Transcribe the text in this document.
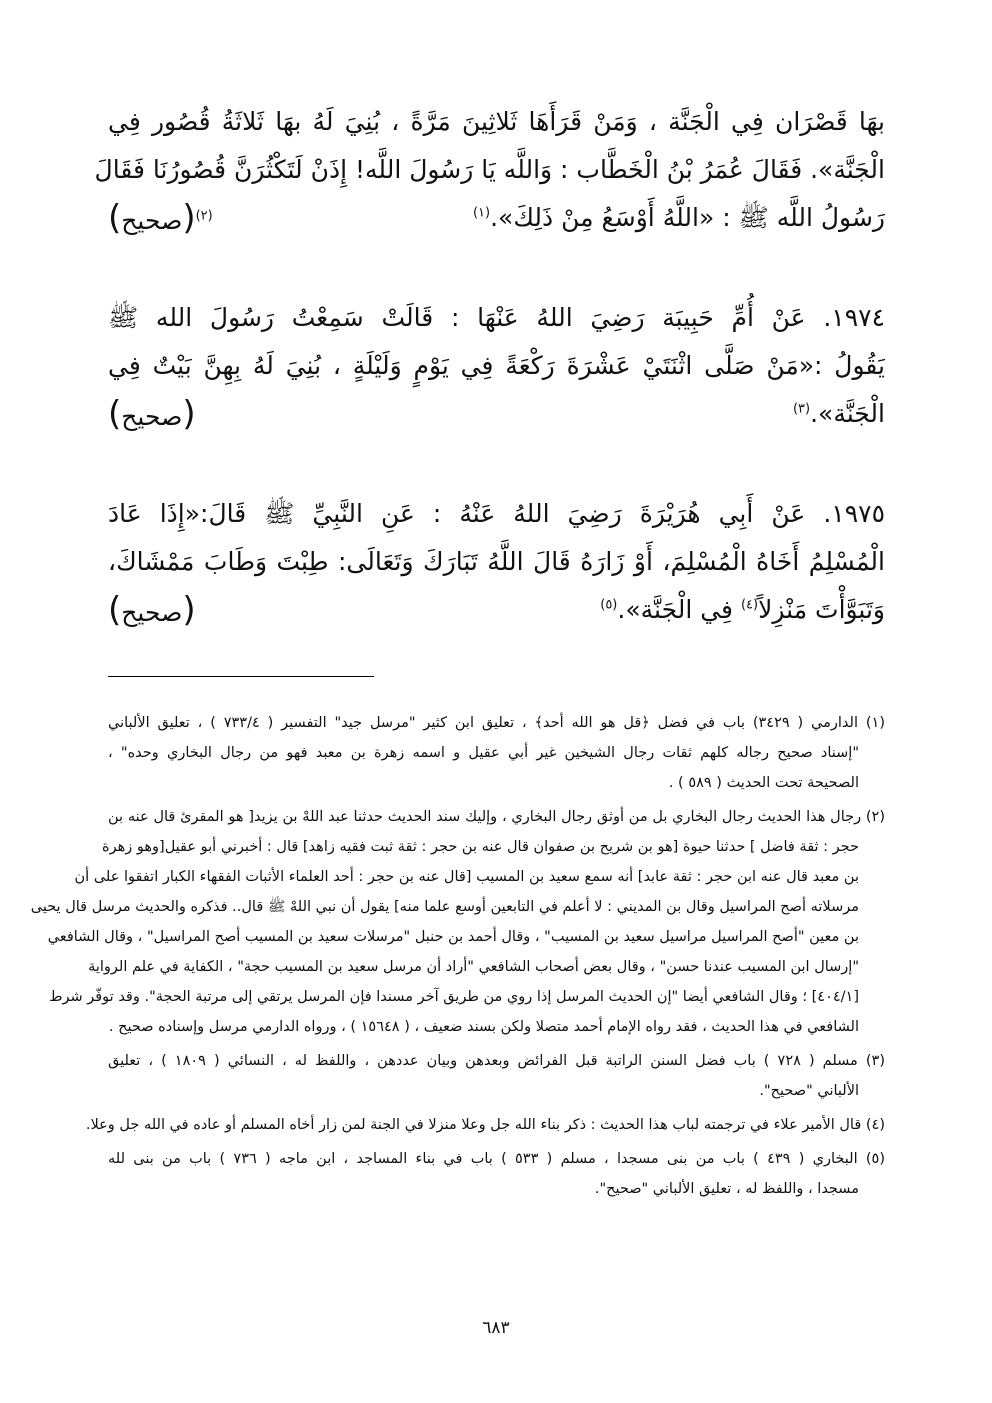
بهَا قَصْرَان فِي الْجَنَّة ، وَمَنْ قَرَأَهَا ثَلاثِينَ مَرَّةً ، بُنِيَ لَهُ بهَا ثَلاثَةُ قُصُور فِي
الْجَنَّة». فَقَالَ عُمَرُ بْنُ الْخَطَّاب : وَاللَّه يَا رَسُولَ اللَّه! إِذَنْ لَتَكْثُرَنَّ قُصُورُنَا فَقَالَ
رَسُولُ اللَّه ﷺ : «اللَّهُ أَوْسَعُ مِنْ ذَلِكَ».$^{(١)}$
$^{(٢)}$(صحيح)
١٩٧٤. عَنْ أُمِّ حَبِيبَة رَضِيَ اللهُ عَنْهَا : قَالَتْ سَمِعْتُ رَسُولَ الله ﷺ
يَقُولُ :«مَنْ صَلَّى اثْنَتَيْ عَشْرَةَ رَكْعَةً فِي يَوْمٍ وَلَيْلَةٍ ، بُنِيَ لَهُ بِهِنَّ بَيْتٌ فِي
الْجَنَّة».$^{(٣)}$
(صحيح)
١٩٧٥. عَنْ أَبِي هُرَيْرَةَ رَضِيَ اللهُ عَنْهُ : عَنِ النَّبِيِّ ﷺ قَالَ:«إِذَا عَادَ
الْمُسْلِمُ أَخَاهُ الْمُسْلِمَ، أَوْ زَارَهُ قَالَ اللَّهُ تَبَارَكَ وَتَعَالَى: طِبْتَ وَطَابَ مَمْشَاكَ،
وَتَبَوَّأْتَ مَنْزِلاً$^{(٤)}$ فِي الْجَنَّة».$^{(٥)}$
(صحيح)
(١) الدارمي ( ٣٤٢٩) باب في فضل ﴿قل هو الله أحد﴾ ، تعليق ابن كثير "مرسل جيد" التفسير ( ٧٣٣/٤ ) ، تعليق الألباني
"إسناد صحيح رجاله كلهم ثقات رجال الشيخين غير أبي عقيل و اسمه زهرة بن معبد فهو من رجال البخاري وحده" ،
الصحيحة تحت الحديث ( ٥٨٩ ) .
(٢) رجال هذا الحديث رجال البخاري بل من أوثق رجال البخاري ، وإليك سند الحديث حدثنا عبد اللهْ بن يزيد[ هو المقرئ قال عنه بن
حجر : ثقة فاضل ] حدثنا حيوة [هو بن شريح بن صفوان قال عنه بن حجر : ثقة ثبت فقيه زاهد] قال : أخبرني أبو عقيل[وهو زهرة
بن معبد قال عنه ابن حجر : ثقة عابد] أنه سمع سعيد بن المسيب [قال عنه بن حجر : أحد العلماء الأثبات الفقهاء الكبار اتفقوا على أن
مرسلاته أصح المراسيل وقال بن المديني : لا أعلم في التابعين أوسع علما منه] يقول أن نبي اللهْ ﷺ قال.. فذكره والحديث مرسل قال يحيى
بن معين "أصح المراسيل مراسيل سعيد بن المسيب" ، وقال أحمد بن حنبل "مرسلات سعيد بن المسيب أصح المراسيل" ، وقال الشافعي
"إرسال ابن المسيب عندنا حسن" ، وقال بعض أصحاب الشافعي "أراد أن مرسل سعيد بن المسيب حجة" ، الكفاية في علم الرواية
[٤٠٤/١] ؛ وقال الشافعي أيضا "إن الحديث المرسل إذا روي من طريق آخر مسندا فإن المرسل يرتقي إلى مرتبة الحجة". وقد توفّر شرط
الشافعي في هذا الحديث ، فقد رواه الإمام أحمد متصلا ولكن بسند ضعيف ، ( ١٥٦٤٨ ) ، ورواه الدارمي مرسل وإسناده صحيح .
(٣) مسلم ( ٧٢٨ ) باب فضل السنن الراتبة قبل الفرائض وبعدهن وبيان عددهن ، واللفظ له ، النسائي ( ١٨٠٩ ) ، تعليق
الألباني "صحيح".
(٤) قال الأمير علاء في ترجمته لباب هذا الحديث : ذكر بناء الله جل وعلا منزلا في الجنة لمن زار أخاه المسلم أو عاده في الله جل وعلا.
(٥) البخاري ( ٤٣٩ ) باب من بنى مسجدا ، مسلم ( ٥٣٣ ) باب في بناء المساجد ، ابن ماجه ( ٧٣٦ ) باب من بنى لله
مسجدا ، واللفظ له ، تعليق الألباني "صحيح".
٦٨٣
